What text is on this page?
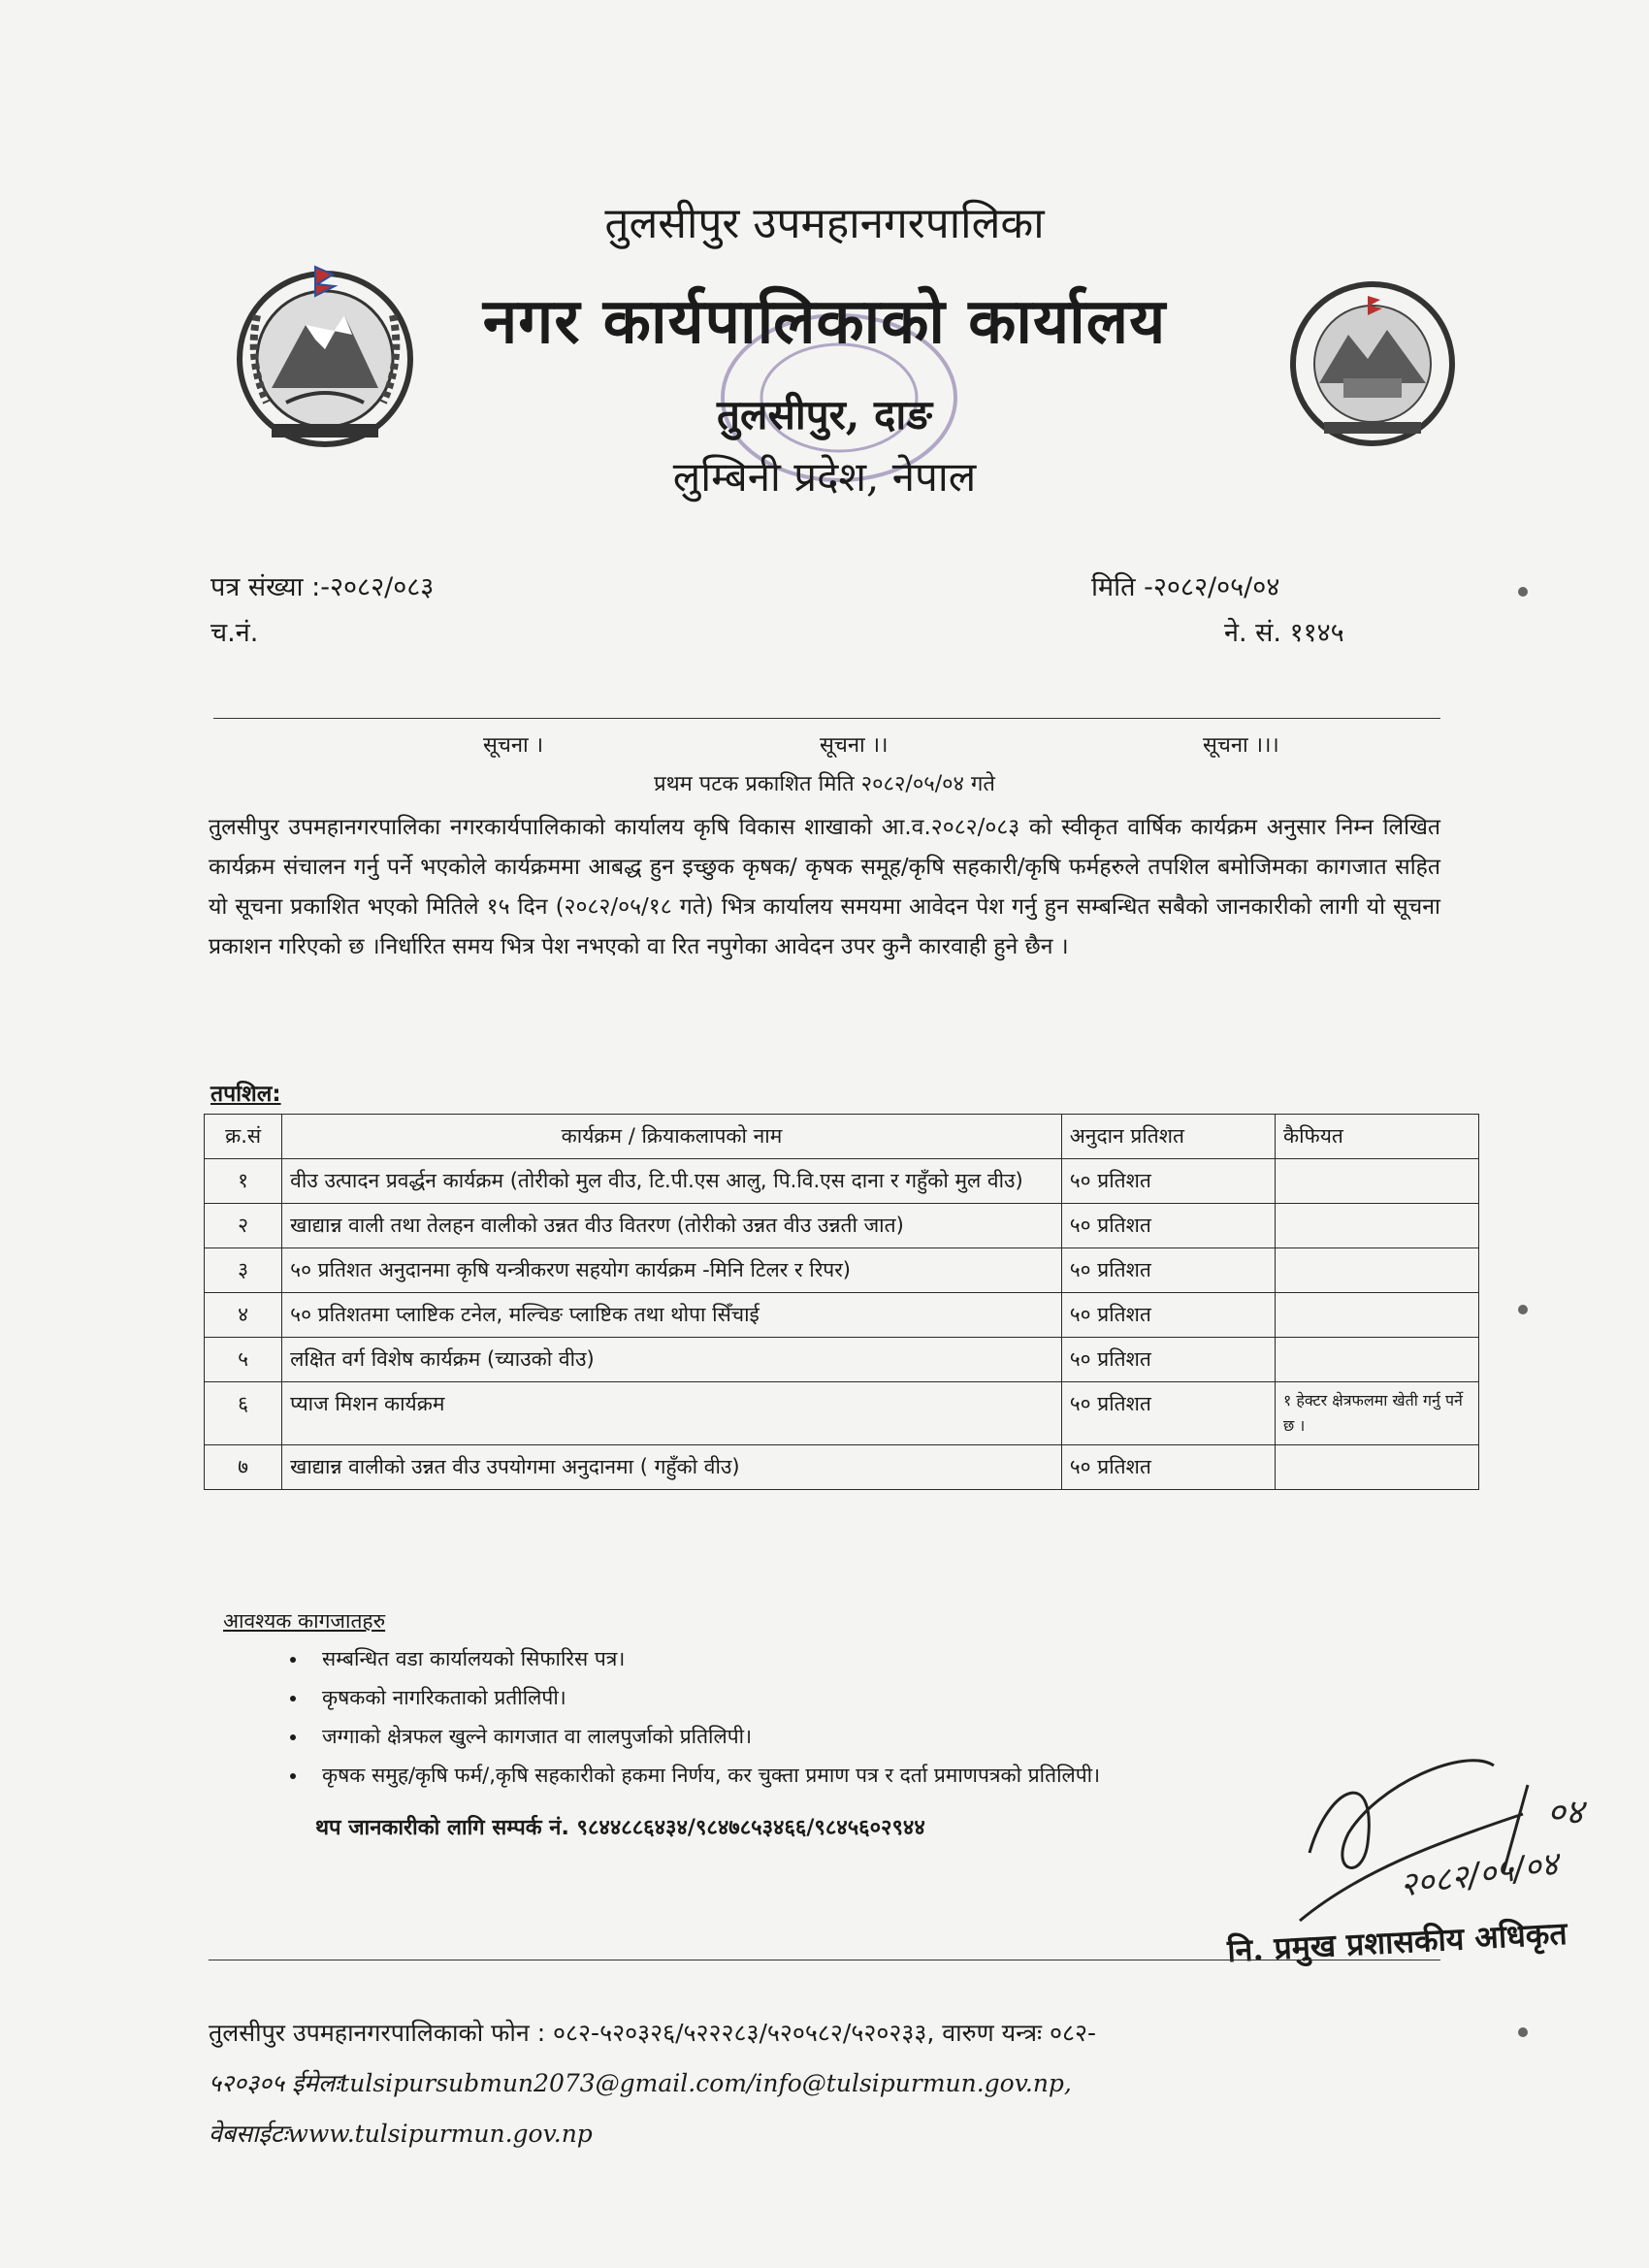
तुलसीपुर उपमहानगरपालिका
नगर कार्यपालिकाको कार्यालय
तुलसीपुर, दाङ
लुम्बिनी प्रदेश, नेपाल
पत्र संख्या :-२०८२/०८३
च.नं.
मिति -२०८२/०५/०४
ने. सं. ११४५
सूचना ।	सूचना ।।	सूचना ।।।
प्रथम पटक प्रकाशित मिति २०८२/०५/०४ गते
तुलसीपुर उपमहानगरपालिका नगरकार्यपालिकाको कार्यालय कृषि विकास शाखाको आ.व.२०८२/०८३ को स्वीकृत वार्षिक कार्यक्रम अनुसार निम्न लिखित कार्यक्रम संचालन गर्नु पर्ने भएकोले कार्यक्रममा आबद्ध हुन इच्छुक कृषक/ कृषक समूह/कृषि सहकारी/कृषि फर्महरुले तपशिल बमोजिमका कागजात सहित यो सूचना प्रकाशित भएको मितिले १५ दिन (२०८२/०५/१८ गते) भित्र कार्यालय समयमा आवेदन पेश गर्नु हुन सम्बन्धित सबैको जानकारीको लागी यो सूचना प्रकाशन गरिएको छ ।निर्धारित समय भित्र पेश नभएको वा रित नपुगेका आवेदन उपर कुनै कारवाही हुने छैन ।
तपशिल:
क्र.सं	कार्यक्रम / क्रियाकलापको नाम	अनुदान प्रतिशत	कैफियत
१	वीउ उत्पादन प्रवर्द्धन कार्यक्रम (तोरीको मुल वीउ, टि.पी.एस आलु, पि.वि.एस दाना र गहुँको मुल वीउ)	५० प्रतिशत	
२	खाद्यान्न वाली तथा तेलहन वालीको उन्नत वीउ वितरण (तोरीको उन्नत वीउ उन्नती जात)	५० प्रतिशत	
३	५० प्रतिशत अनुदानमा कृषि यन्त्रीकरण सहयोग कार्यक्रम -मिनि टिलर र रिपर)	५० प्रतिशत	
४	५० प्रतिशतमा प्लाष्टिक टनेल, मल्चिङ प्लाष्टिक तथा थोपा सिँचाई	५० प्रतिशत	
५	लक्षित वर्ग विशेष कार्यक्रम (च्याउको वीउ)	५० प्रतिशत	
६	प्याज मिशन कार्यक्रम	५० प्रतिशत	१ हेक्टर क्षेत्रफलमा खेती गर्नु पर्ने छ ।
७	खाद्यान्न वालीको उन्नत वीउ उपयोगमा अनुदानमा ( गहुँको वीउ)	५० प्रतिशत	
आवश्यक कागजातहरु
• सम्बन्धित वडा कार्यालयको सिफारिस पत्र।
• कृषकको नागरिकताको प्रतीलिपी।
• जग्गाको क्षेत्रफल खुल्ने कागजात वा लालपुर्जाको प्रतिलिपी।
• कृषक समुह/कृषि फर्म/,कृषि सहकारीको हकमा निर्णय, कर चुक्ता प्रमाण पत्र र दर्ता प्रमाणपत्रको प्रतिलिपी।
थप जानकारीको लागि सम्पर्क नं. ९८४४८८६४३४/९८४७८५३४६६/९८४५६०२९४४
२०८२/०५/०४
०४
नि. प्रमुख प्रशासकीय अधिकृत
तुलसीपुर उपमहानगरपालिकाको फोन : ०८२-५२०३२६/५२२२८३/५२०५८२/५२०२३३, वारुण यन्त्रः ०८२-
५२०३०५ ईमेलःtulsipursubmun2073@gmail.com/info@tulsipurmun.gov.np,
वेबसाईटःwww.tulsipurmun.gov.np
